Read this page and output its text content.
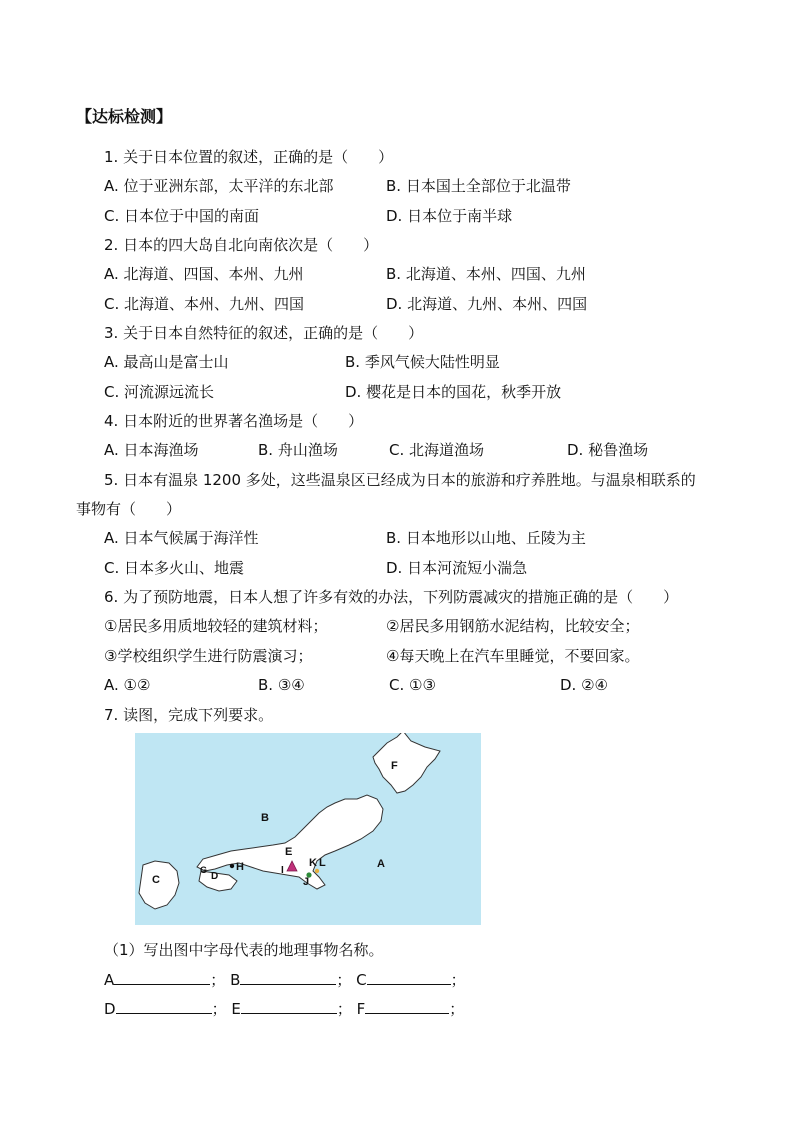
【达标检测】
1. 关于日本位置的叙述，正确的是（　　）
A. 位于亚洲东部，太平洋的东北部	B. 日本国土全部位于北温带
C. 日本位于中国的南面	D. 日本位于南半球
2. 日本的四大岛自北向南依次是（　　）
A. 北海道、四国、本州、九州	B. 北海道、本州、四国、九州
C. 北海道、本州、九州、四国	D. 北海道、九州、本州、四国
3. 关于日本自然特征的叙述，正确的是（　　）
A. 最高山是富士山	B. 季风气候大陆性明显
C. 河流源远流长	D. 樱花是日本的国花，秋季开放
4. 日本附近的世界著名渔场是（　　）
A. 日本海渔场	B. 舟山渔场	C. 北海道渔场	D. 秘鲁渔场
5. 日本有温泉 1200 多处，这些温泉区已经成为日本的旅游和疗养胜地。与温泉相联系的
事物有（　　）
A. 日本气候属于海洋性	B. 日本地形以山地、丘陵为主
C. 日本多火山、地震	D. 日本河流短小湍急
6. 为了预防地震，日本人想了许多有效的办法，下列防震减灾的措施正确的是（　　）
①居民多用质地较轻的建筑材料；	②居民多用钢筋水泥结构，比较安全；
③学校组织学生进行防震演习；	④每天晚上在汽车里睡觉，不要回家。
A. ①②	B. ③④	C. ①③	D. ②④
7. 读图，完成下列要求。
F
B
E
A
K L
I
J
H
G
D
C
（1）写出图中字母代表的地理事物名称。
A	； B	； C	；
D	； E	； F	；
